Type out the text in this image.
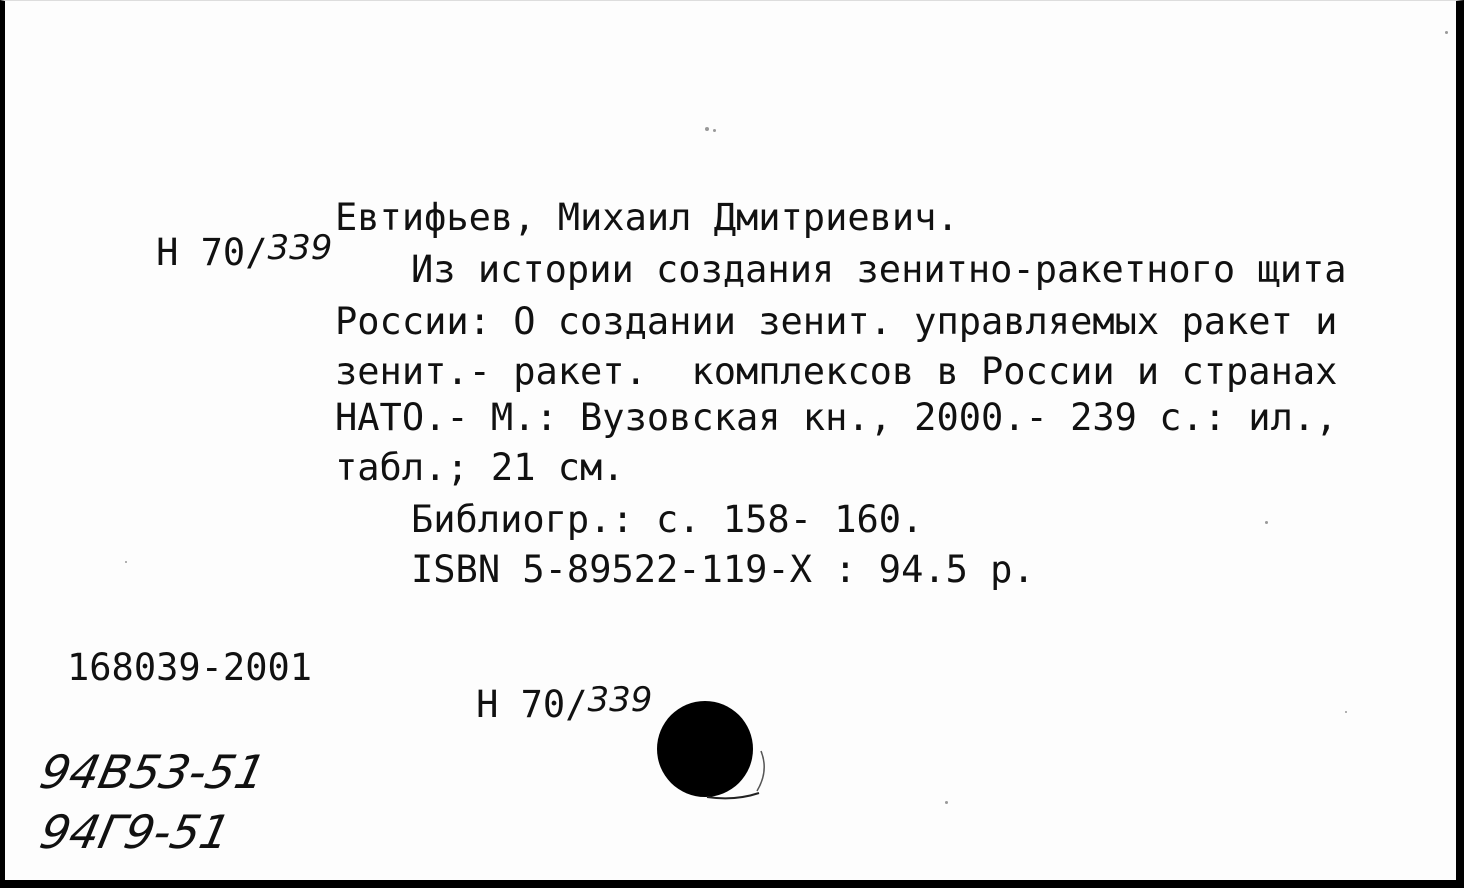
Н 70/339

Евтифьев, Михаил Дмитриевич.
Из истории создания зенитно-ракетного щита
России: О создании зенит. управляемых ракет и
зенит.- ракет.  комплексов в России и странах
НАТО.- М.: Вузовская кн., 2000.- 239 с.: ил.,
табл.; 21 см.
Библиогр.: с. 158- 160.
ISBN 5-89522-119-X : 94.5 р.
168039-2001

Н 70/339

94В53-51
94Г9-51
